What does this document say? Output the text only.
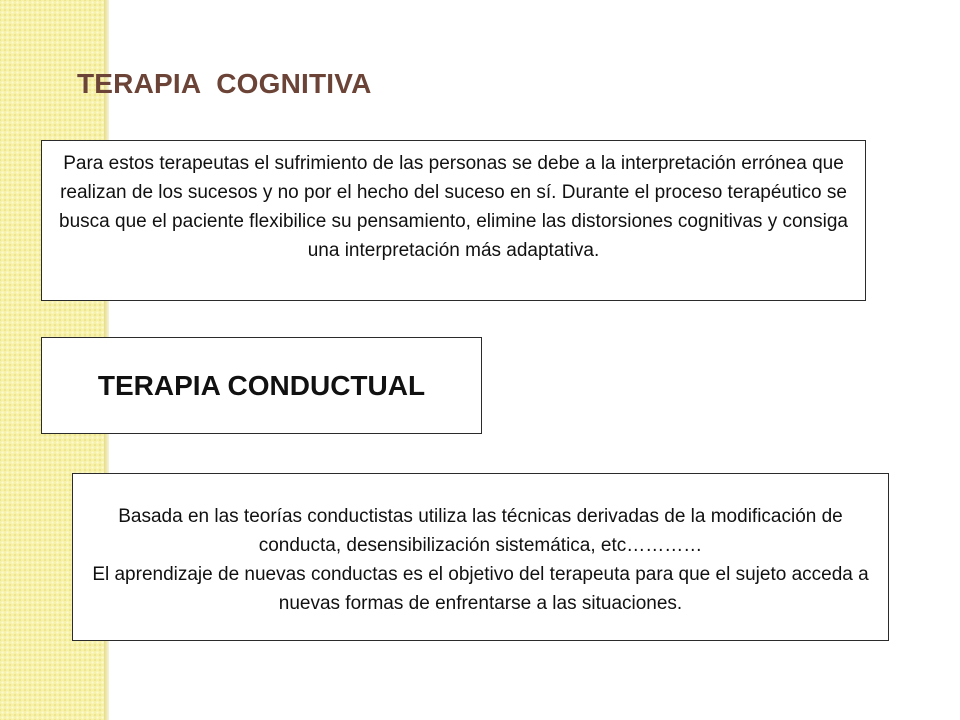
TERAPIA  COGNITIVA
Para estos terapeutas el sufrimiento de las personas se debe a la interpretación errónea que realizan de los sucesos y no por el hecho del suceso en sí. Durante el proceso terapéutico se busca que el paciente flexibilice su pensamiento, elimine las distorsiones cognitivas y consiga una interpretación más adaptativa.
TERAPIA CONDUCTUAL

Basada en las teorías conductistas utiliza las técnicas derivadas de la modificación de conducta, desensibilización sistemática, etc…………

El aprendizaje de nuevas conductas es el objetivo del terapeuta para que el sujeto acceda a nuevas formas de enfrentarse a las situaciones.
